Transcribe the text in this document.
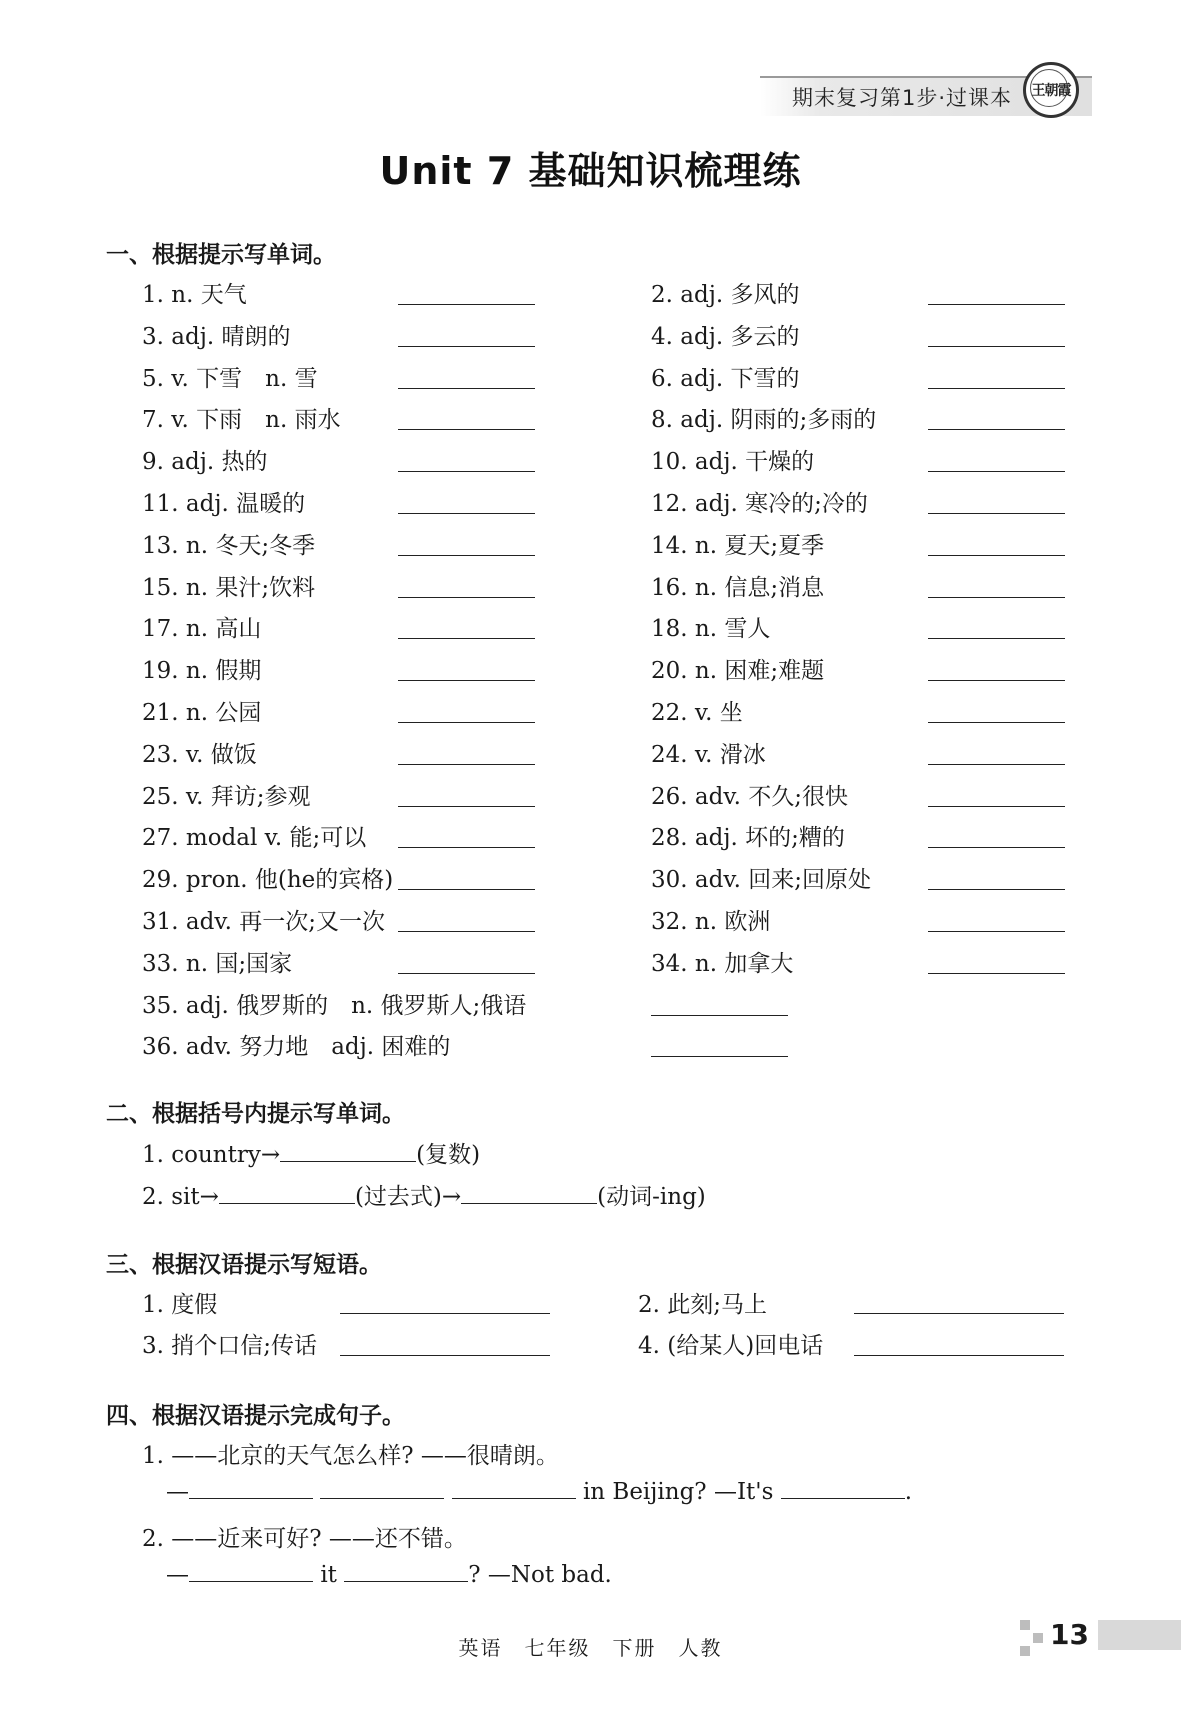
期末复习第1步·过课本	王朝霞
Unit 7 基础知识梳理练
一、根据提示写单词。
1. n. 天气	2. adj. 多风的
3. adj. 晴朗的	4. adj. 多云的
5. v. 下雪　n. 雪	6. adj. 下雪的
7. v. 下雨　n. 雨水	8. adj. 阴雨的;多雨的
9. adj. 热的	10. adj. 干燥的
11. adj. 温暖的	12. adj. 寒冷的;冷的
13. n. 冬天;冬季	14. n. 夏天;夏季
15. n. 果汁;饮料	16. n. 信息;消息
17. n. 高山	18. n. 雪人
19. n. 假期	20. n. 困难;难题
21. n. 公园	22. v. 坐
23. v. 做饭	24. v. 滑冰
25. v. 拜访;参观	26. adv. 不久;很快
27. modal v. 能;可以	28. adj. 坏的;糟的
29. pron. 他(he的宾格)	30. adv. 回来;回原处
31. adv. 再一次;又一次	32. n. 欧洲
33. n. 国;国家	34. n. 加拿大
35. adj. 俄罗斯的　n. 俄罗斯人;俄语
36. adv. 努力地　adj. 困难的
二、根据括号内提示写单词。
1. country→	(复数)
2. sit→	(过去式)→	(动词-ing)
三、根据汉语提示写短语。
1. 度假	2. 此刻;马上
3. 捎个口信;传话	4. (给某人)回电话
四、根据汉语提示完成句子。
1. ——北京的天气怎么样? ——很晴朗。
—	in Beijing? —It's	.
2. ——近来可好? ——还不错。
—	it	? —Not bad.
英语　七年级　下册　人教	13
